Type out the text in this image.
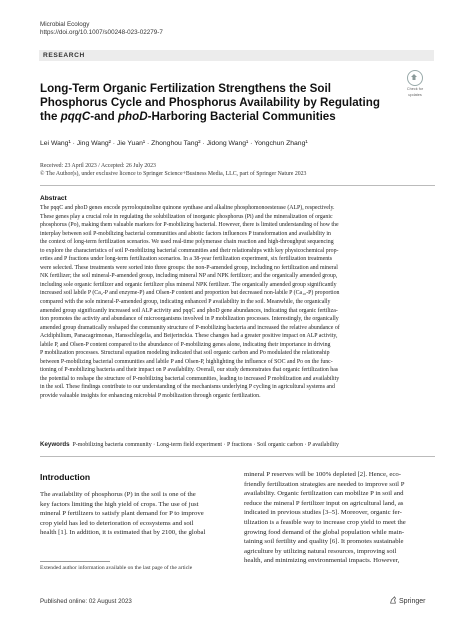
Microbial Ecology
https://doi.org/10.1007/s00248-023-02279-7
RESEARCH
Check for
updates
Long-Term Organic Fertilization Strengthens the Soil
Phosphorus Cycle and Phosphorus Availability by Regulating
the pqqC-and phoD-Harboring Bacterial Communities
Lei Wang¹ · Jing Wang² · Jie Yuan¹ · Zhonghou Tang² · Jidong Wang¹ · Yongchun Zhang¹
Received: 23 April 2023 / Accepted: 26 July 2023
© The Author(s), under exclusive licence to Springer Science+Business Media, LLC, part of Springer Nature 2023
Abstract
The pqqC and phoD genes encode pyrroloquinoline quinone synthase and alkaline phosphomonoesterase (ALP), respectively.
These genes play a crucial role in regulating the solubilization of inorganic phosphorus (Pi) and the mineralization of organic
phosphorus (Po), making them valuable markers for P-mobilizing bacterial. However, there is limited understanding of how the
interplay between soil P-mobilizing bacterial communities and abiotic factors influences P transformation and availability in
the context of long-term fertilization scenarios. We used real-time polymerase chain reaction and high-throughput sequencing
to explore the characteristics of soil P-mobilizing bacterial communities and their relationships with key physicochemical prop-
erties and P fractions under long-term fertilization scenarios. In a 38-year fertilization experiment, six fertilization treatments
were selected. These treatments were sorted into three groups: the non-P-amended group, including no fertilization and mineral
NK fertilizer; the soil mineral-P-amended group, including mineral NP and NPK fertilizer; and the organically amended group,
including sole organic fertilizer and organic fertilizer plus mineral NPK fertilizer. The organically amended group significantly
increased soil labile P (Ca₂-P and enzyme-P) and Olsen-P content and proportion but decreased non-labile P (Ca₁₀-P) proportion
compared with the sole mineral-P-amended group, indicating enhanced P availability in the soil. Meanwhile, the organically
amended group significantly increased soil ALP activity and pqqC and phoD gene abundances, indicating that organic fertiliza-
tion promotes the activity and abundance of microorganisms involved in P mobilization processes. Interestingly, the organically
amended group dramatically reshaped the community structure of P-mobilizing bacteria and increased the relative abundance of
Acidiphilium, Panacagrimonas, Hansschlegelia, and Beijerinckia. These changes had a greater positive impact on ALP activity,
labile P, and Olsen-P content compared to the abundance of P-mobilizing genes alone, indicating their importance in driving
P mobilization processes. Structural equation modeling indicated that soil organic carbon and Po modulated the relationship
between P-mobilizing bacterial communities and labile P and Olsen-P, highlighting the influence of SOC and Po on the func-
tioning of P-mobilizing bacteria and their impact on P availability. Overall, our study demonstrates that organic fertilization has
the potential to reshape the structure of P-mobilizing bacterial communities, leading to increased P mobilization and availability
in the soil. These findings contribute to our understanding of the mechanisms underlying P cycling in agricultural systems and
provide valuable insights for enhancing microbial P mobilization through organic fertilization.
Keywords P-mobilizing bacteria community · Long-term field experiment · P fractions · Soil organic carbon · P availability
Introduction
The availability of phosphorus (P) in the soil is one of the
key factors limiting the high yield of crops. The use of just
mineral P fertilizers to satisfy plant demand for P to improve
crop yield has led to deterioration of ecosystems and soil
health [1]. In addition, it is estimated that by 2100, the global
mineral P reserves will be 100% depleted [2]. Hence, eco-
friendly fertilization strategies are needed to improve soil P
availability. Organic fertilization can mobilize P in soil and
reduce the mineral P fertilizer input on agricultural land, as
indicated in previous studies [3–5]. Moreover, organic fer-
tilization is a feasible way to increase crop yield to meet the
growing food demand of the global population while main-
taining soil fertility and quality [6]. It promotes sustainable
agriculture by utilizing natural resources, improving soil
health, and minimizing environmental impacts. However,
Extended author information available on the last page of the article
Published online: 02 August 2023	Springer
